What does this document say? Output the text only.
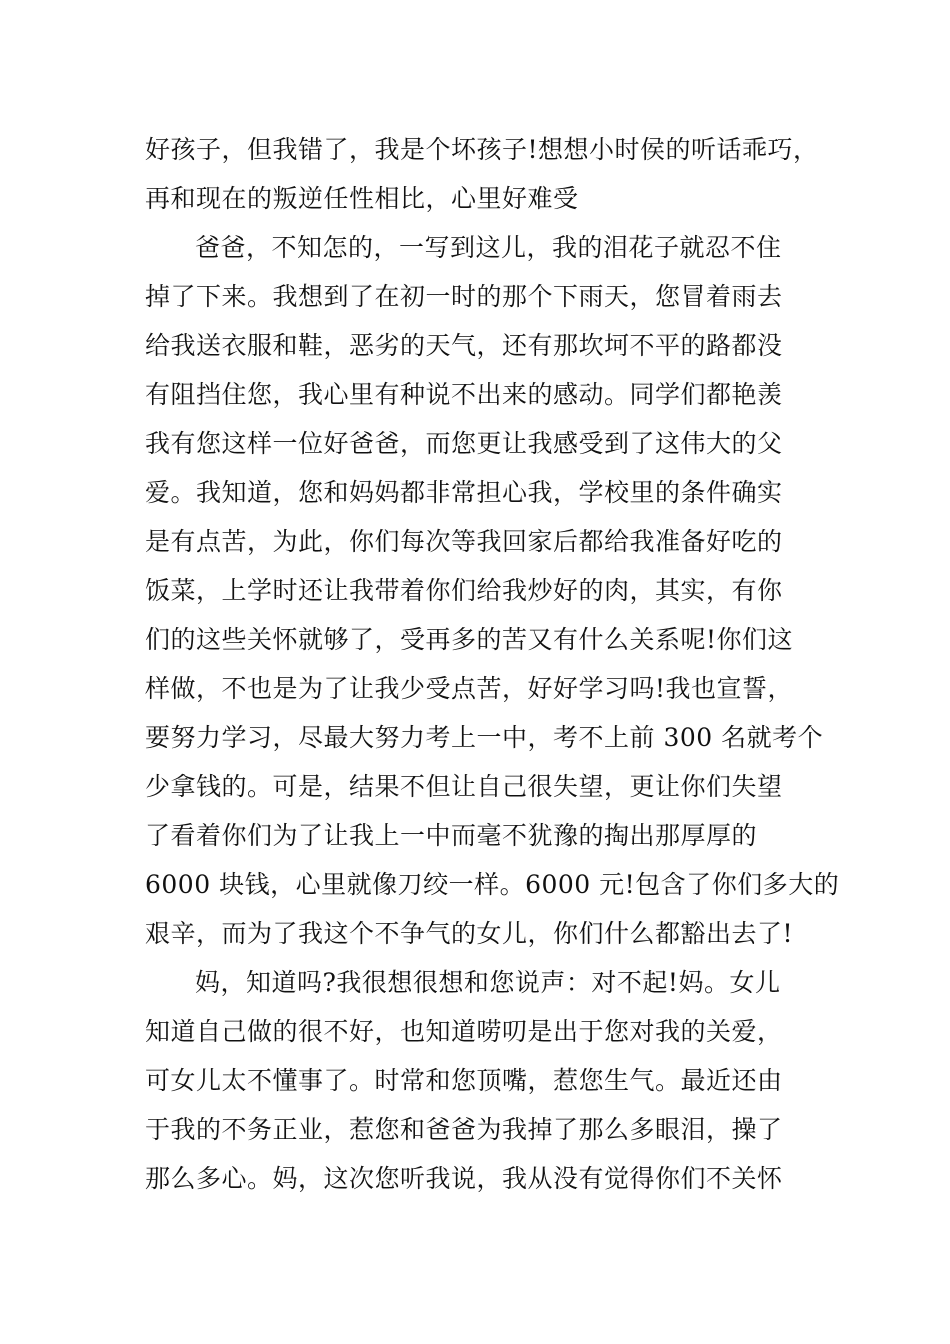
好孩子，但我错了，我是个坏孩子!想想小时侯的听话乖巧，
再和现在的叛逆任性相比，心里好难受
爸爸，不知怎的，一写到这儿，我的泪花子就忍不住
掉了下来。我想到了在初一时的那个下雨天，您冒着雨去
给我送衣服和鞋，恶劣的天气，还有那坎坷不平的路都没
有阻挡住您，我心里有种说不出来的感动。同学们都艳羡
我有您这样一位好爸爸，而您更让我感受到了这伟大的父
爱。我知道，您和妈妈都非常担心我，学校里的条件确实
是有点苦，为此，你们每次等我回家后都给我准备好吃的
饭菜，上学时还让我带着你们给我炒好的肉，其实，有你
们的这些关怀就够了，受再多的苦又有什么关系呢!你们这
样做，不也是为了让我少受点苦，好好学习吗!我也宣誓，
要努力学习，尽最大努力考上一中，考不上前 300 名就考个
少拿钱的。可是，结果不但让自己很失望，更让你们失望
了看着你们为了让我上一中而毫不犹豫的掏出那厚厚的
6000 块钱，心里就像刀绞一样。6000 元!包含了你们多大的
艰辛，而为了我这个不争气的女儿，你们什么都豁出去了!
妈，知道吗?我很想很想和您说声：对不起!妈。女儿
知道自己做的很不好，也知道唠叨是出于您对我的关爱，
可女儿太不懂事了。时常和您顶嘴，惹您生气。最近还由
于我的不务正业，惹您和爸爸为我掉了那么多眼泪，操了
那么多心。妈，这次您听我说，我从没有觉得你们不关怀
